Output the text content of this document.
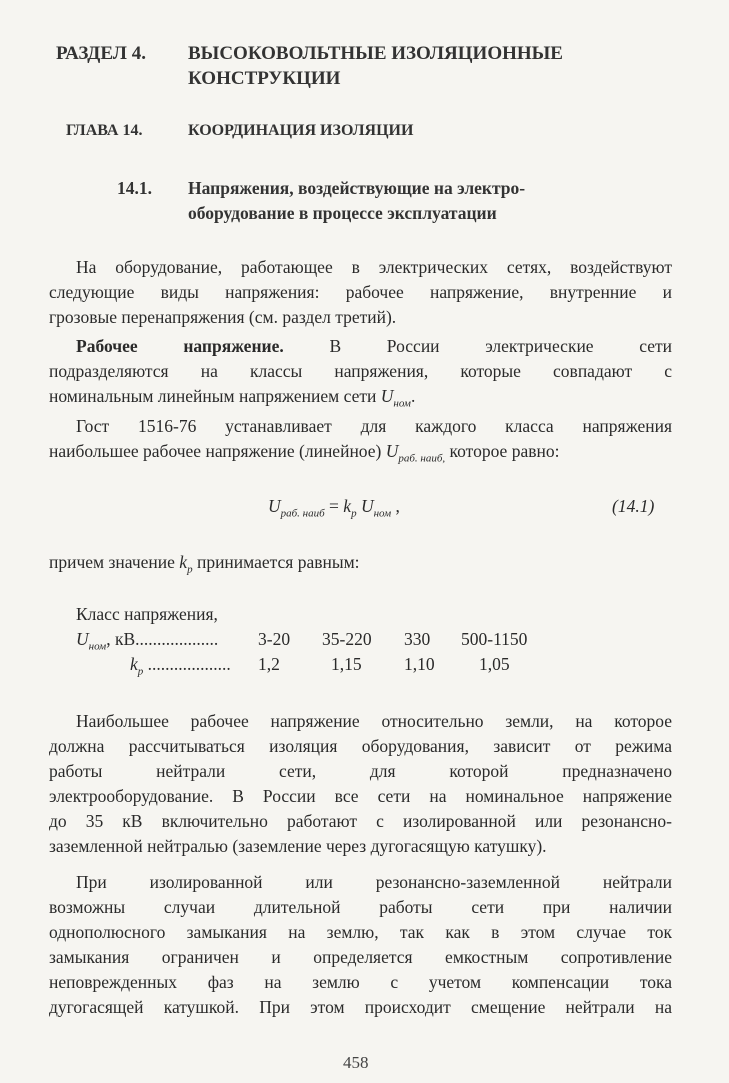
РАЗДЕЛ 4. ВЫСОКОВОЛЬТНЫЕ ИЗОЛЯЦИОННЫЕ
КОНСТРУКЦИИ
ГЛАВА 14.	КООРДИНАЦИЯ ИЗОЛЯЦИИ
14.1. Напряжения, воздействующие на электро-
оборудование в процессе эксплуатации
На оборудование, работающее в электрических сетях, воздействуют
следующие виды напряжения: рабочее напряжение, внутренние и
грозовые перенапряжения (см. раздел третий).
Рабочее напряжение.	В России электрические сети
подразделяются на классы напряжения, которые совпадают с
номинальным линейным напряжением сети $U_{ном}$.
Гост 1516-76 устанавливает для каждого класса напряжения
наибольшее рабочее напряжение (линейное) $U_{раб. наиб,}$ которое равно:
$U_{раб. наиб} = k_р$ $U_{ном}$ ,	(14.1)
причем значение $k_р$ принимается равным:
Класс напряжения,
$U_{ном}$, кВ................... 3-20 35-220 330 500-1150
$k_р$ ................... 1,2	1,15 1,10	1,05
Наибольшее рабочее напряжение относительно земли, на которое
должна рассчитываться изоляция оборудования, зависит от режима
работы нейтрали сети, для которой предназначено
электрооборудование. В России все сети на номинальное напряжение
до 35 кВ включительно работают с изолированной или резонансно-
заземленной нейтралью (заземление через дугогасящую катушку).
При изолированной или резонансно-заземленной нейтрали
возможны случаи длительной работы сети при наличии
однополюсного замыкания на землю, так как в этом случае ток
замыкания ограничен и определяется емкостным сопротивление
неповрежденных фаз на землю с учетом компенсации тока
дугогасящей катушкой. При этом происходит смещение нейтрали на
458
